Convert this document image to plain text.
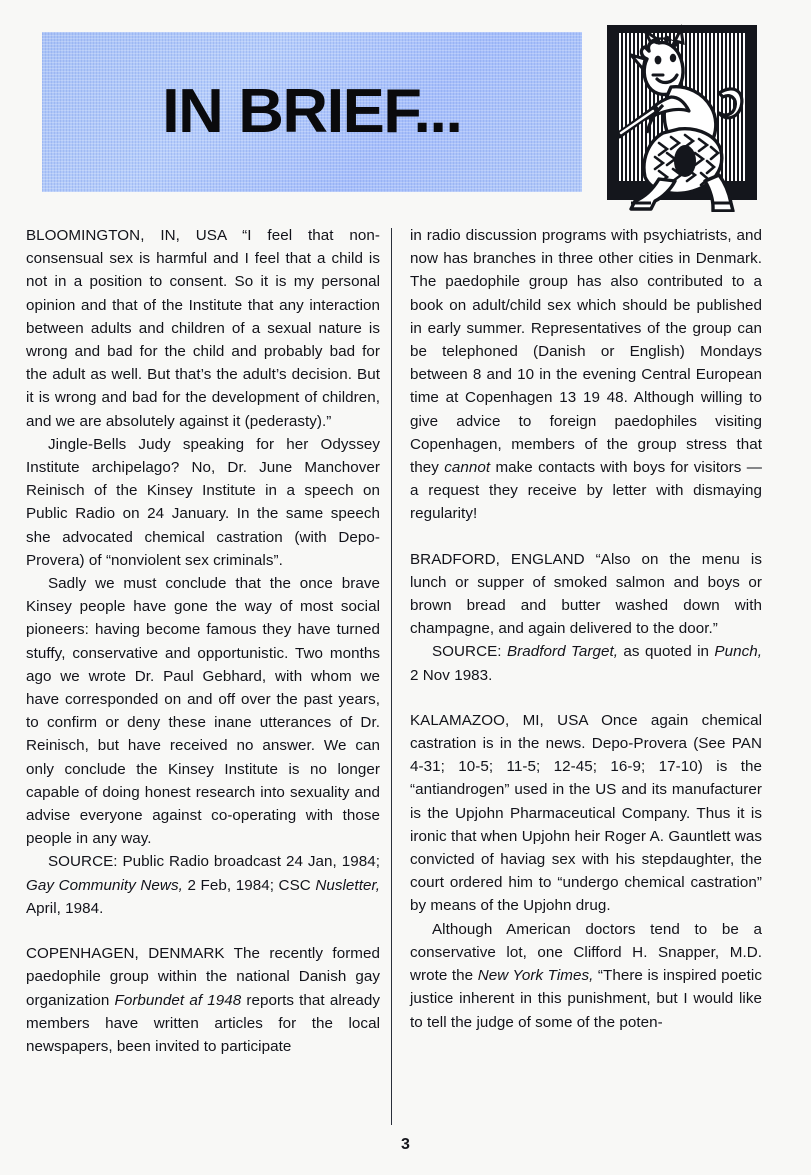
IN BRIEF...

BLOOMINGTON, IN, USA “I feel that non-consensual sex is harmful and I feel that a child is not in a position to consent. So it is my personal opinion and that of the Institute that any interaction between adults and children of a sexual nature is wrong and bad for the child and probably bad for the adult as well. But that’s the adult’s decision. But it is wrong and bad for the development of children, and we are absolutely against it (pederasty).”

Jingle-Bells Judy speaking for her Odyssey Institute archipelago? No, Dr. June Manchover Reinisch of the Kinsey Institute in a speech on Public Radio on 24 January. In the same speech she advocated chemical castration (with Depo-Provera) of “nonviolent sex criminals”.

Sadly we must conclude that the once brave Kinsey people have gone the way of most social pioneers: having become famous they have turned stuffy, conservative and opportunistic. Two months ago we wrote Dr. Paul Gebhard, with whom we have corresponded on and off over the past years, to confirm or deny these inane utterances of Dr. Reinisch, but have received no answer. We can only conclude the Kinsey Institute is no longer capable of doing honest research into sexuality and advise everyone against co-operating with those people in any way.

SOURCE: Public Radio broadcast 24 Jan, 1984; Gay Community News, 2 Feb, 1984; CSC Nusletter, April, 1984.

COPENHAGEN, DENMARK The recently formed paedophile group within the national Danish gay organization Forbundet af 1948 reports that already members have written articles for the local newspapers, been invited to participate

in radio discussion programs with psychiatrists, and now has branches in three other cities in Denmark. The paedophile group has also contributed to a book on adult/child sex which should be published in early summer. Representatives of the group can be telephoned (Danish or English) Mondays between 8 and 10 in the evening Central European time at Copenhagen 13 19 48. Although willing to give advice to foreign paedophiles visiting Copenhagen, members of the group stress that they cannot make contacts with boys for visitors — a request they receive by letter with dismaying regularity!

BRADFORD, ENGLAND “Also on the menu is lunch or supper of smoked salmon and boys or brown bread and butter washed down with champagne, and again delivered to the door.”

SOURCE: Bradford Target, as quoted in Punch, 2 Nov 1983.

KALAMAZOO, MI, USA Once again chemical castration is in the news. Depo-Provera (See PAN 4-31; 10-5; 11-5; 12-45; 16-9; 17-10) is the “antiandrogen” used in the US and its manufacturer is the Upjohn Pharmaceutical Company. Thus it is ironic that when Upjohn heir Roger A. Gauntlett was convicted of haviag sex with his stepdaughter, the court ordered him to “undergo chemical castration” by means of the Upjohn drug.

Although American doctors tend to be a conservative lot, one Clifford H. Snapper, M.D. wrote the New York Times, “There is inspired poetic justice inherent in this punishment, but I would like to tell the judge of some of the poten-

3
